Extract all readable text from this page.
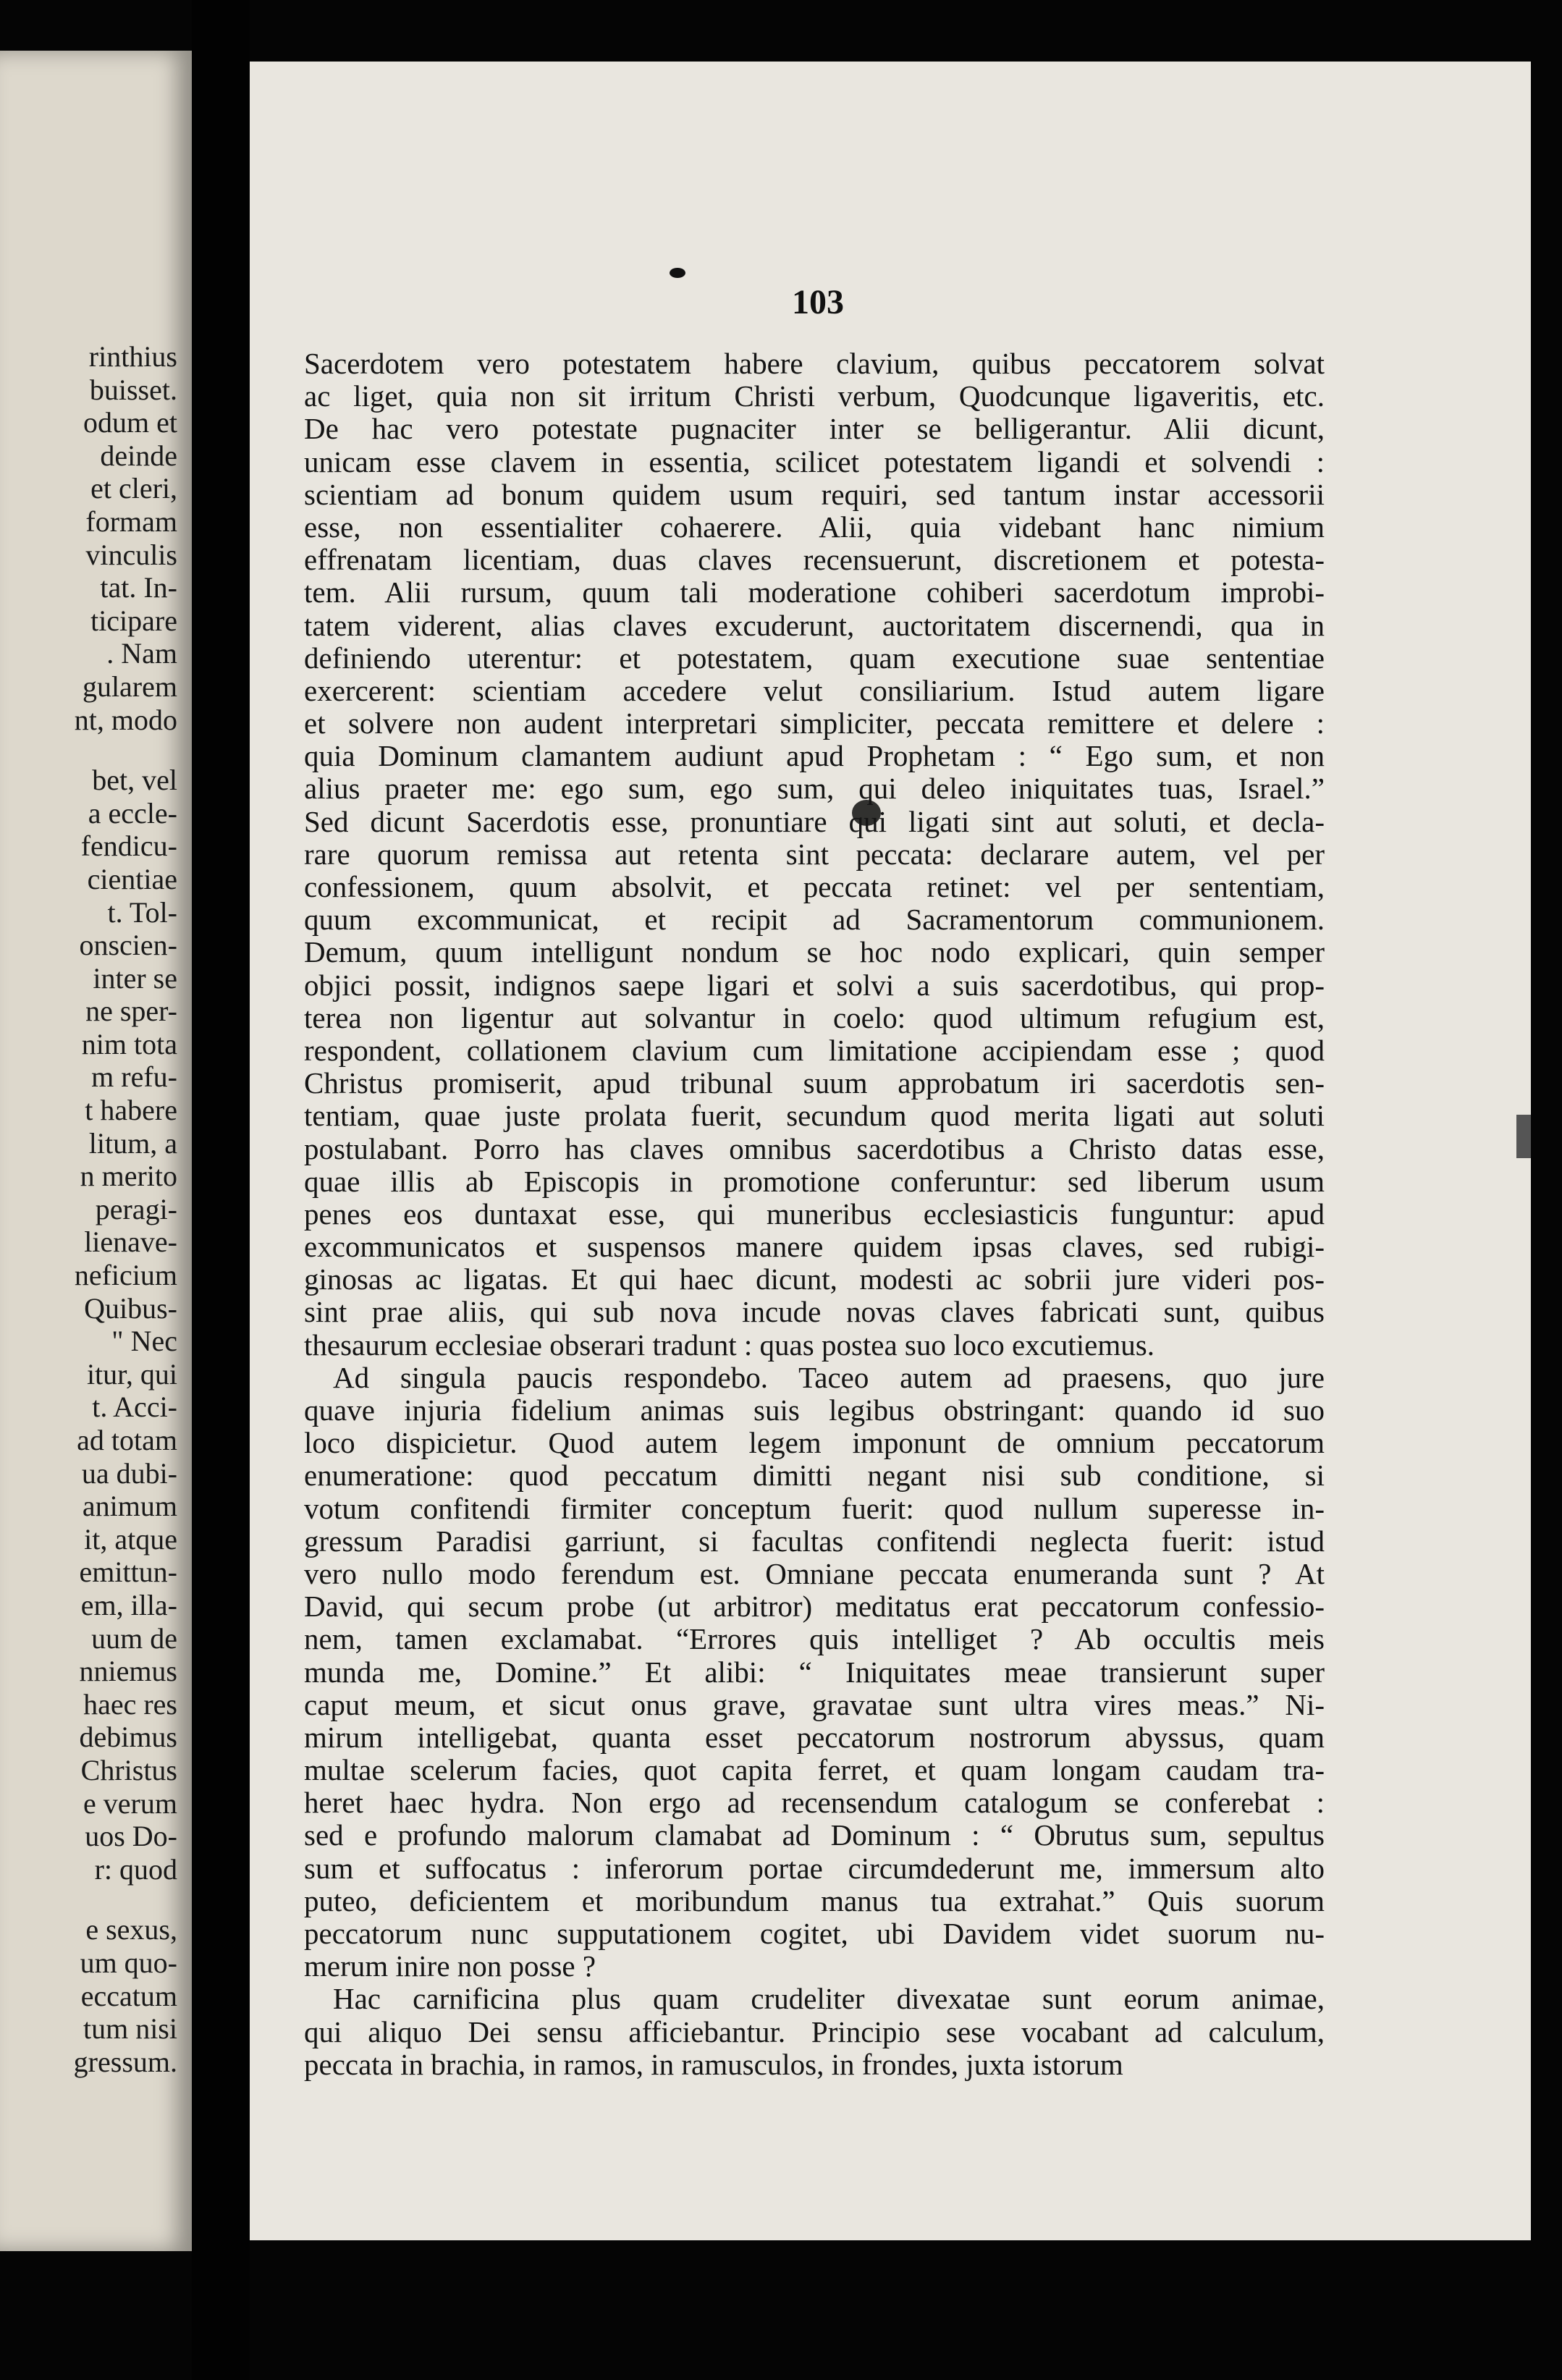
rinthius
buisset.
odum et
deinde
et cleri,
formam
vinculis
tat. In-
ticipare
. Nam
gularem
nt, modo
bet, vel
a eccle-
fendicu-
cientiae
t. Tol-
onscien-
inter se
ne sper-
nim tota
m refu-
t habere
litum, a
n merito
peragi-
lienave-
neficium
Quibus-
" Nec
itur, qui
t. Acci-
ad totam
ua dubi-
animum
it, atque
emittun-
em, illa-
uum de
nniemus
haec res
debimus
Christus
e verum
uos Do-
r: quod
e sexus,
um quo-
eccatum
tum nisi
gressum.
103
Sacerdotem vero potestatem habere clavium, quibus peccatorem solvat
ac liget, quia non sit irritum Christi verbum, Quodcunque ligaveritis, etc.
De hac vero potestate pugnaciter inter se belligerantur. Alii dicunt,
unicam esse clavem in essentia, scilicet potestatem ligandi et solvendi :
scientiam ad bonum quidem usum requiri, sed tantum instar accessorii
esse, non essentialiter cohaerere. Alii, quia videbant hanc nimium
effrenatam licentiam, duas claves recensuerunt, discretionem et potesta-
tem. Alii rursum, quum tali moderatione cohiberi sacerdotum improbi-
tatem viderent, alias claves excuderunt, auctoritatem discernendi, qua in
definiendo uterentur: et potestatem, quam executione suae sententiae
exercerent: scientiam accedere velut consiliarium. Istud autem ligare
et solvere non audent interpretari simpliciter, peccata remittere et delere :
quia Dominum clamantem audiunt apud Prophetam : “ Ego sum, et non
alius praeter me: ego sum, ego sum, qui deleo iniquitates tuas, Israel.”
Sed dicunt Sacerdotis esse, pronuntiare qui ligati sint aut soluti, et decla-
rare quorum remissa aut retenta sint peccata: declarare autem, vel per
confessionem, quum absolvit, et peccata retinet: vel per sententiam,
quum excommunicat, et recipit ad Sacramentorum communionem.
Demum, quum intelligunt nondum se hoc nodo explicari, quin semper
objici possit, indignos saepe ligari et solvi a suis sacerdotibus, qui prop-
terea non ligentur aut solvantur in coelo: quod ultimum refugium est,
respondent, collationem clavium cum limitatione accipiendam esse ; quod
Christus promiserit, apud tribunal suum approbatum iri sacerdotis sen-
tentiam, quae juste prolata fuerit, secundum quod merita ligati aut soluti
postulabant. Porro has claves omnibus sacerdotibus a Christo datas esse,
quae illis ab Episcopis in promotione conferuntur: sed liberum usum
penes eos duntaxat esse, qui muneribus ecclesiasticis funguntur: apud
excommunicatos et suspensos manere quidem ipsas claves, sed rubigi-
ginosas ac ligatas. Et qui haec dicunt, modesti ac sobrii jure videri pos-
sint prae aliis, qui sub nova incude novas claves fabricati sunt, quibus
thesaurum ecclesiae obserari tradunt : quas postea suo loco excutiemus.
Ad singula paucis respondebo. Taceo autem ad praesens, quo jure
quave injuria fidelium animas suis legibus obstringant: quando id suo
loco dispicietur. Quod autem legem imponunt de omnium peccatorum
enumeratione: quod peccatum dimitti negant nisi sub conditione, si
votum confitendi firmiter conceptum fuerit: quod nullum superesse in-
gressum Paradisi garriunt, si facultas confitendi neglecta fuerit: istud
vero nullo modo ferendum est. Omniane peccata enumeranda sunt ? At
David, qui secum probe (ut arbitror) meditatus erat peccatorum confessio-
nem, tamen exclamabat. “Errores quis intelliget ? Ab occultis meis
munda me, Domine.” Et alibi: “ Iniquitates meae transierunt super
caput meum, et sicut onus grave, gravatae sunt ultra vires meas.” Ni-
mirum intelligebat, quanta esset peccatorum nostrorum abyssus, quam
multae scelerum facies, quot capita ferret, et quam longam caudam tra-
heret haec hydra. Non ergo ad recensendum catalogum se conferebat :
sed e profundo malorum clamabat ad Dominum : “ Obrutus sum, sepultus
sum et suffocatus : inferorum portae circumdederunt me, immersum alto
puteo, deficientem et moribundum manus tua extrahat.” Quis suorum
peccatorum nunc supputationem cogitet, ubi Davidem videt suorum nu-
merum inire non posse ?
Hac carnificina plus quam crudeliter divexatae sunt eorum animae,
qui aliquo Dei sensu afficiebantur. Principio sese vocabant ad calculum,
peccata in brachia, in ramos, in ramusculos, in frondes, juxta istorum
